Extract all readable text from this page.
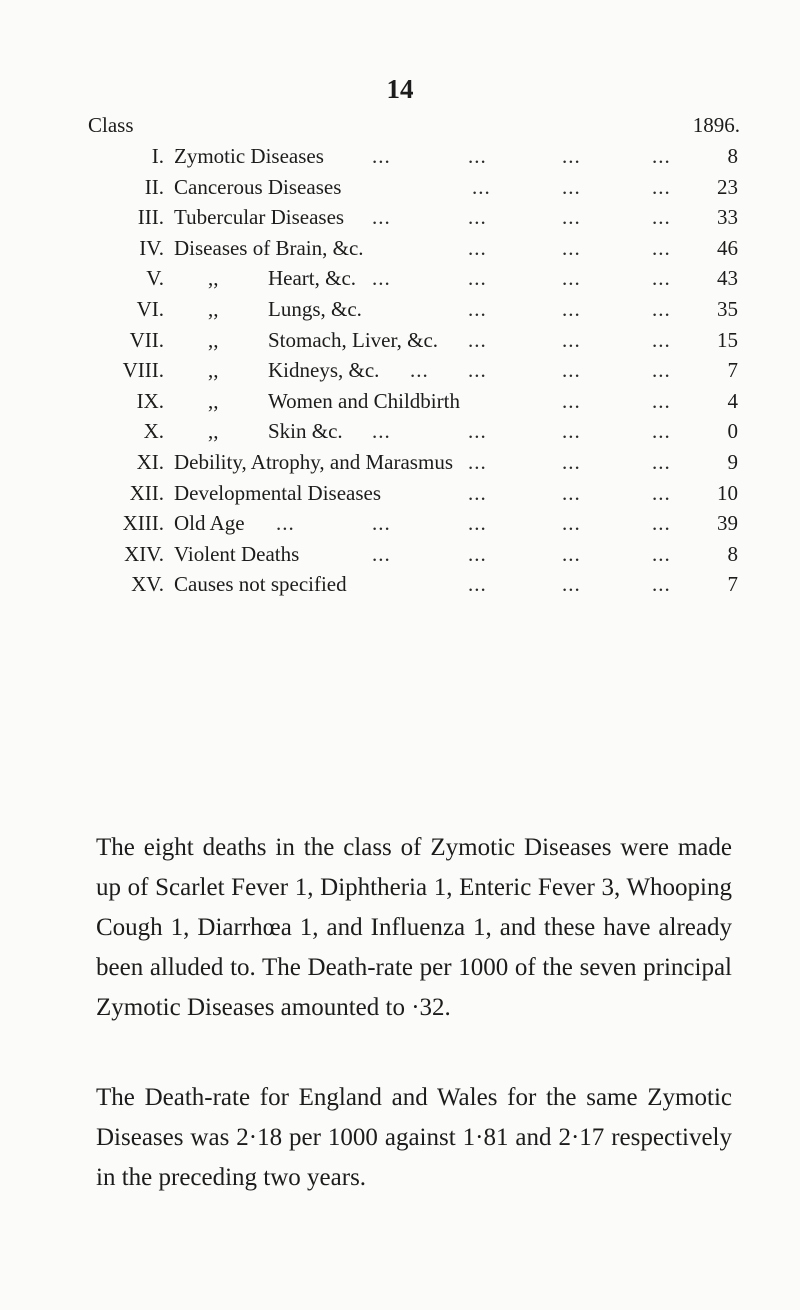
14
Class	1896.
I. Zymotic Diseases ...	...	...	...	8
II. Cancerous Diseases	...	...	... 23
III. Tubercular Diseases ...	...	...	... 33
IV. Diseases of Brain, &c.	...	...	... 46
V. ,, Heart, &c. ...	...	...	... 43
VI. ,, Lungs, &c.	...	...	... 35
VII. ,, Stomach, Liver, &c. ...	...	... 15
VIII. ,, Kidneys, &c. ... ...	...	...	7
IX. ,, Women and Childbirth	...	...	4
X. ,, Skin &c. ...	...	...	...	0
XI. Debility, Atrophy, and Marasmus ...	...	...	9
XII. Developmental Diseases	...	...	... 10
XIII. Old Age ...	...	...	...	... 39
XIV. Violent Deaths	...	...	...	...	8
XV. Causes not specified	...	...	...	7

The eight deaths in the class of Zymotic Diseases were made up of Scarlet Fever 1, Diphtheria 1, Enteric Fever 3, Whooping Cough 1, Diarrhœa 1, and Influenza 1, and these have already been alluded to. The Death-rate per 1000 of the seven principal Zymotic Diseases amounted to ·32.

The Death-rate for England and Wales for the same Zymotic Diseases was 2·18 per 1000 against 1·81 and 2·17 respectively in the preceding two years.
